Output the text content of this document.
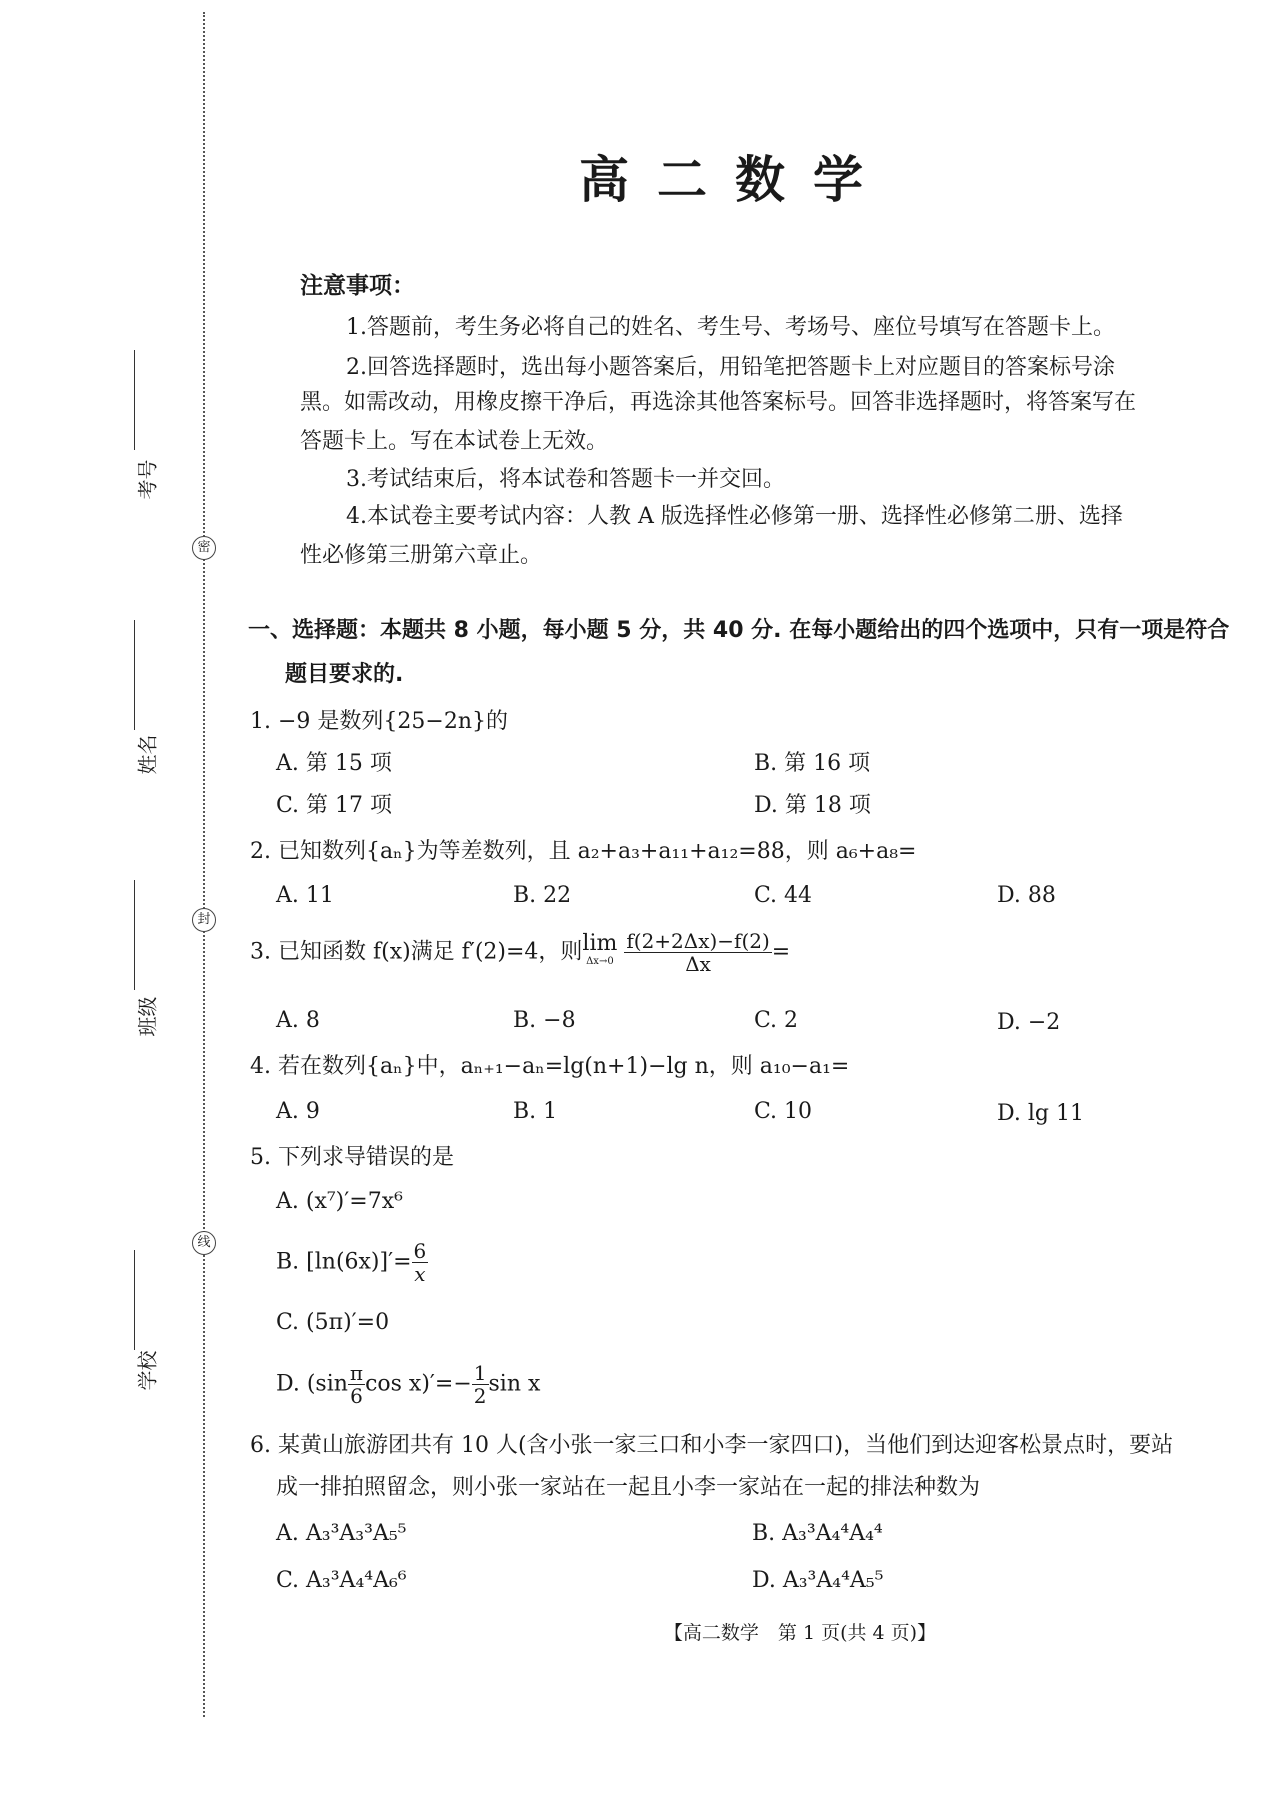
密
封
线
考号
姓名
班级
学校
高二数学
注意事项：
1.答题前，考生务必将自己的姓名、考生号、考场号、座位号填写在答题卡上。
2.回答选择题时，选出每小题答案后，用铅笔把答题卡上对应题目的答案标号涂
黑。如需改动，用橡皮擦干净后，再选涂其他答案标号。回答非选择题时，将答案写在
答题卡上。写在本试卷上无效。
3.考试结束后，将本试卷和答题卡一并交回。
4.本试卷主要考试内容：人教 A 版选择性必修第一册、选择性必修第二册、选择
性必修第三册第六章止。
一、选择题：本题共 8 小题，每小题 5 分，共 40 分. 在每小题给出的四个选项中，只有一项是符合
题目要求的.
1. −9 是数列{25−2n}的
A. 第 15 项	B. 第 16 项
C. 第 17 项	D. 第 18 项
2. 已知数列{aₙ}为等差数列，且 a₂+a₃+a₁₁+a₁₂=88，则 a₆+a₈=
A. 11	B. 22	C. 44	D. 88
3. 已知函数 f(x)满足 f′(2)=4，则 lim
Δx→0
$\frac{f(2+2\Delta x)-f(2)}{\Delta x}$ =
A. 8	B. −8	C. 2	D. −2
4. 若在数列{aₙ}中，aₙ₊₁−aₙ=lg(n+1)−lg n，则 a₁₀−a₁=
A. 9	B. 1	C. 10	D. lg 11
5. 下列求导错误的是
A. (x⁷)′=7x⁶
B. $[\ln(6x)]'= \frac{6}{x}$
C. (5π)′=0
D. ($\sin \frac{\pi}{6}$ $\cos x)'=- \frac{1}{2}$ sin x
6. 某黄山旅游团共有 10 人(含小张一家三口和小李一家四口)，当他们到达迎客松景点时，要站
成一排拍照留念，则小张一家站在一起且小李一家站在一起的排法种数为
A. A₃³A₃³A₅⁵	B. A₃³A₄⁴A₄⁴
C. A₃³A₄⁴A₆⁶	D. A₃³A₄⁴A₅⁵
【高二数学　第 1 页(共 4 页)】
